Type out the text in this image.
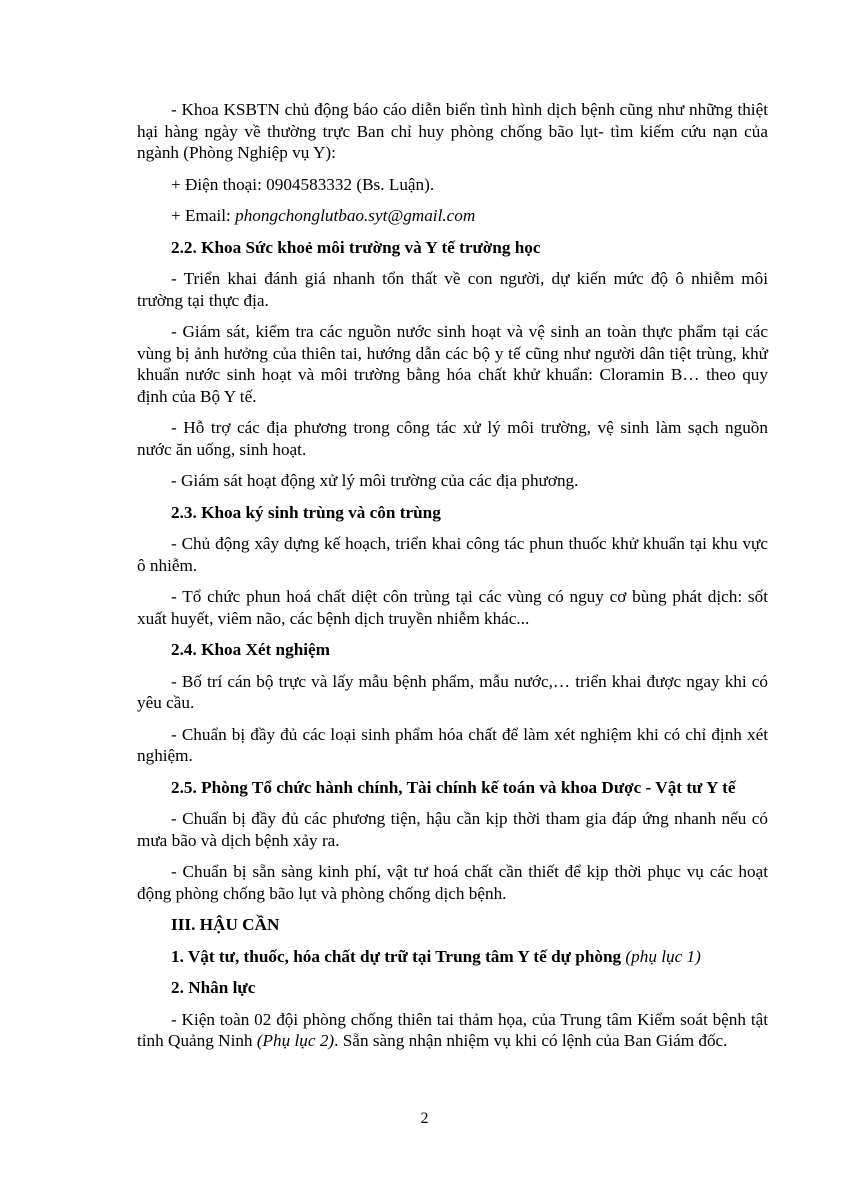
- Khoa KSBTN chủ động báo cáo diễn biến tình hình dịch bệnh cũng như những thiệt hại hàng ngày về thường trực Ban chỉ huy phòng chống bão lụt- tìm kiếm cứu nạn của ngành (Phòng Nghiệp vụ Y):

+ Điện thoại: 0904583332 (Bs. Luận).

+ Email: phongchonglutbao.syt@gmail.com

2.2. Khoa Sức khoẻ môi trường và Y tế trường học

- Triển khai đánh giá nhanh tổn thất về con người, dự kiến mức độ ô nhiễm môi trường tại thực địa.

- Giám sát, kiểm tra các nguồn nước sinh hoạt và vệ sinh an toàn thực phẩm tại các vùng bị ảnh hưởng của thiên tai, hướng dẫn các bộ y tế cũng như người dân tiệt trùng, khử khuẩn nước sinh hoạt và môi trường bằng hóa chất khử khuẩn: Cloramin B… theo quy định của Bộ Y tế.

- Hỗ trợ các địa phương trong công tác xử lý môi trường, vệ sinh làm sạch nguồn nước ăn uống, sinh hoạt.

- Giám sát hoạt động xử lý môi trường của các địa phương.

2.3. Khoa ký sinh trùng và côn trùng

- Chủ động xây dựng kế hoạch, triển khai công tác phun thuốc khử khuẩn tại khu vực ô nhiễm.

- Tổ chức phun hoá chất diệt côn trùng tại các vùng có nguy cơ bùng phát dịch: sốt xuất huyết, viêm não, các bệnh dịch truyền nhiễm khác...

2.4. Khoa Xét nghiệm

- Bố trí cán bộ trực và lấy mẫu bệnh phẩm, mẫu nước,… triển khai được ngay khi có yêu cầu.

- Chuẩn bị đầy đủ các loại sinh phẩm hóa chất để làm xét nghiệm khi có chỉ định xét nghiệm.

2.5. Phòng Tổ chức hành chính, Tài chính kế toán và khoa Dược - Vật tư Y tế

- Chuẩn bị đầy đủ các phương tiện, hậu cần kịp thời tham gia đáp ứng nhanh nếu có mưa bão và dịch bệnh xảy ra.

- Chuẩn bị sẵn sàng kinh phí, vật tư hoá chất cần thiết để kịp thời phục vụ các hoạt động phòng chống bão lụt và phòng chống dịch bệnh.

III. HẬU CẦN

1. Vật tư, thuốc, hóa chất dự trữ tại Trung tâm Y tế dự phòng (phụ lục 1)

2. Nhân lực

- Kiện toàn 02 đội phòng chống thiên tai thảm họa, của Trung tâm Kiểm soát bệnh tật tỉnh Quảng Ninh (Phụ lục 2). Sẵn sàng nhận nhiệm vụ khi có lệnh của Ban Giám đốc.

2
